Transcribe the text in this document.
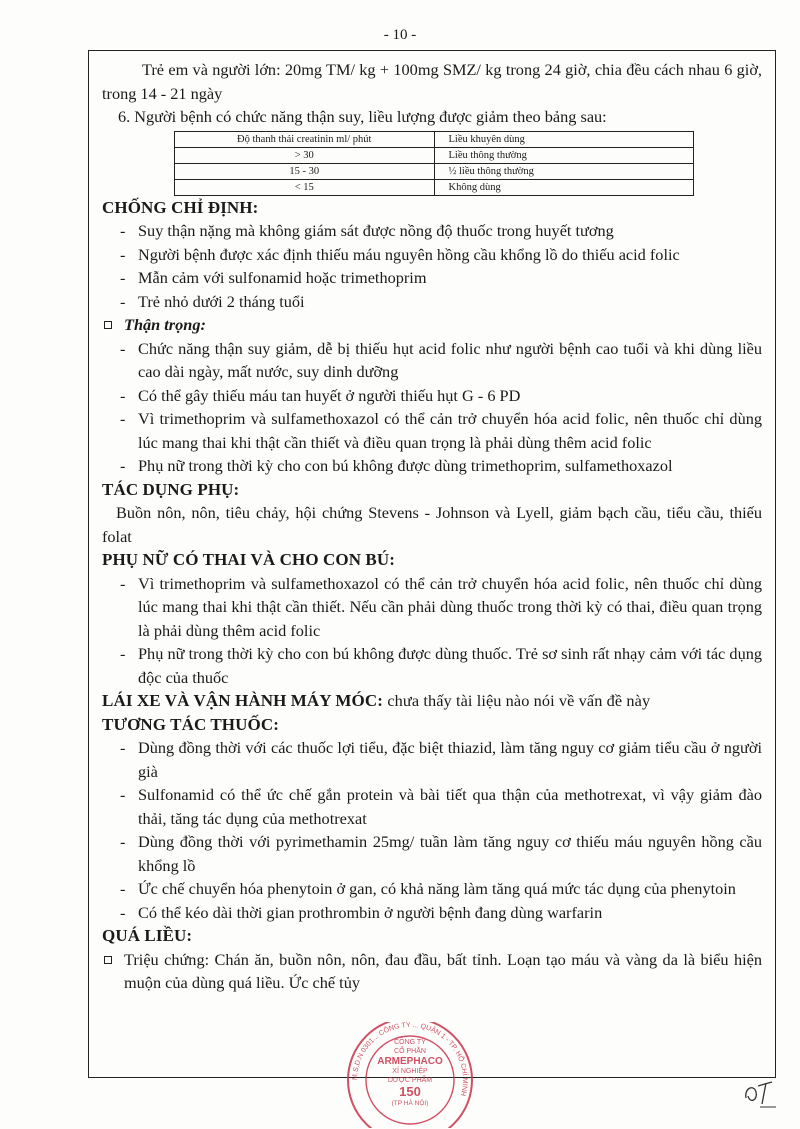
- 10 -

Trẻ em và người lớn: 20mg TM/ kg + 100mg SMZ/ kg trong 24 giờ, chia đều cách nhau 6 giờ, trong 14 - 21 ngày

6. Người bệnh có chức năng thận suy, liều lượng được giảm theo bảng sau:

Độ thanh thải creatinin ml/ phút	Liều khuyên dùng
> 30	Liều thông thường
15 - 30	½ liều thông thường
< 15	Không dùng

CHỐNG CHỈ ĐỊNH:

- Suy thận nặng mà không giám sát được nồng độ thuốc trong huyết tương
- Người bệnh được xác định thiếu máu nguyên hồng cầu khổng lồ do thiếu acid folic
- Mẫn cảm với sulfonamid hoặc trimethoprim
- Trẻ nhỏ dưới 2 tháng tuổi

Thận trọng:

- Chức năng thận suy giảm, dễ bị thiếu hụt acid folic như người bệnh cao tuổi và khi dùng liều cao dài ngày, mất nước, suy dinh dưỡng
- Có thể gây thiếu máu tan huyết ở người thiếu hụt G - 6 PD
- Vì trimethoprim và sulfamethoxazol có thể cản trở chuyển hóa acid folic, nên thuốc chỉ dùng lúc mang thai khi thật cần thiết và điều quan trọng là phải dùng thêm acid folic
- Phụ nữ trong thời kỳ cho con bú không được dùng trimethoprim, sulfamethoxazol

TÁC DỤNG PHỤ:

Buồn nôn, nôn, tiêu chảy, hội chứng Stevens - Johnson và Lyell, giảm bạch cầu, tiểu cầu, thiếu folat

PHỤ NỮ CÓ THAI VÀ CHO CON BÚ:

- Vì trimethoprim và sulfamethoxazol có thể cản trở chuyển hóa acid folic, nên thuốc chỉ dùng lúc mang thai khi thật cần thiết. Nếu cần phải dùng thuốc trong thời kỳ có thai, điều quan trọng là phải dùng thêm acid folic
- Phụ nữ trong thời kỳ cho con bú không được dùng thuốc. Trẻ sơ sinh rất nhạy cảm với tác dụng độc của thuốc

LÁI XE VÀ VẬN HÀNH MÁY MÓC: chưa thấy tài liệu nào nói về vấn đề này

TƯƠNG TÁC THUỐC:

- Dùng đồng thời với các thuốc lợi tiểu, đặc biệt thiazid, làm tăng nguy cơ giảm tiểu cầu ở người già
- Sulfonamid có thể ức chế gắn protein và bài tiết qua thận của methotrexat, vì vậy giảm đào thải, tăng tác dụng của methotrexat
- Dùng đồng thời với pyrimethamin 25mg/ tuần làm tăng nguy cơ thiếu máu nguyên hồng cầu khổng lồ
- Ức chế chuyển hóa phenytoin ở gan, có khả năng làm tăng quá mức tác dụng của phenytoin
- Có thể kéo dài thời gian prothrombin ở người bệnh đang dùng warfarin

QUÁ LIỀU:

Triệu chứng: Chán ăn, buồn nôn, nôn, đau đầu, bất tỉnh. Loạn tạo máu và vàng da là biểu hiện muộn của dùng quá liều. Ức chế tủy

M.S.D.N 0301... CÔNG TY ... QUẬN 1 - TP. HỒ CHÍ MINH
CÔNG TY
CỔ PHẦN
ARMEPHACO
XÍ NGHIỆP
DƯỢC PHẨM
150
(TP HÀ NỘI)
